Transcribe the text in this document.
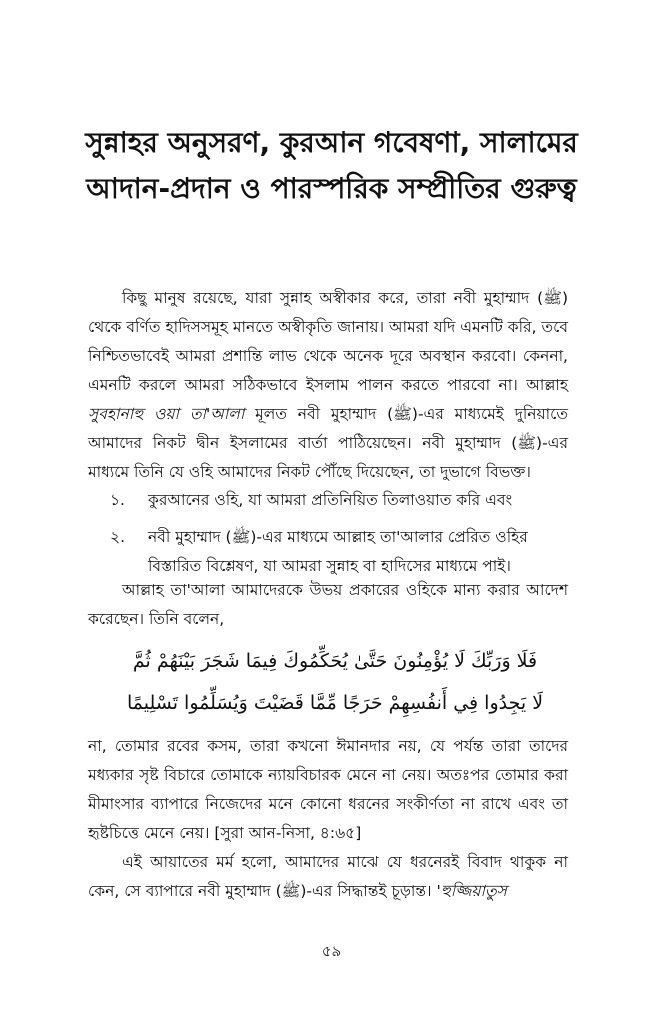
সুন্নাহর অনুসরণ, কুরআন গবেষণা, সালামের
আদান-প্রদান ও পারস্পরিক সম্প্রীতির গুরুত্ব
কিছু মানুষ রয়েছে, যারা সুন্নাহ অস্বীকার করে, তারা নবী মুহাম্মাদ (ﷺ) থেকে বর্ণিত হাদিসসমূহ মানতে অস্বীকৃতি জানায়। আমরা যদি এমনটি করি, তবে নিশ্চিতভাবেই আমরা প্রশান্তি লাভ থেকে অনেক দূরে অবস্থান করবো। কেননা, এমনটি করলে আমরা সঠিকভাবে ইসলাম পালন করতে পারবো না। আল্লাহ সুবহানাহু ওয়া তা'আলা মূলত নবী মুহাম্মাদ (ﷺ)-এর মাধ্যমেই দুনিয়াতে আমাদের নিকট দ্বীন ইসলামের বার্তা পাঠিয়েছেন। নবী মুহাম্মাদ (ﷺ)-এর মাধ্যমে তিনি যে ওহি আমাদের নিকট পৌঁছে দিয়েছেন, তা দুভাগে বিভক্ত।
১.	কুরআনের ওহি, যা আমরা প্রতিনিয়িত তিলাওয়াত করি এবং
২.	নবী মুহাম্মাদ (ﷺ)-এর মাধ্যমে আল্লাহ তা'আলার প্রেরিত ওহির বিস্তারিত বিশ্লেষণ, যা আমরা সুন্নাহ বা হাদিসের মাধ্যমে পাই।
আল্লাহ তা'আলা আমাদেরকে উভয় প্রকারের ওহিকে মান্য করার আদেশ করেছেন। তিনি বলেন,
فَلَا وَرَبِّكَ لَا يُؤْمِنُونَ حَتَّىٰ يُحَكِّمُوكَ فِيمَا شَجَرَ بَيْنَهُمْ ثُمَّ
لَا يَجِدُوا فِي أَنفُسِهِمْ حَرَجًا مِّمَّا قَضَيْتَ وَيُسَلِّمُوا تَسْلِيمًا
না, তোমার রবের কসম, তারা কখনো ঈমানদার নয়, যে পর্যন্ত তারা তাদের মধ্যকার সৃষ্ট বিচারে তোমাকে ন্যায়বিচারক মেনে না নেয়। অতঃপর তোমার করা মীমাংসার ব্যাপারে নিজেদের মনে কোনো ধরনের সংকীর্ণতা না রাখে এবং তা হৃষ্টচিত্তে মেনে নেয়। [সুরা আন-নিসা, ৪:৬৫]
এই আয়াতের মর্ম হলো, আমাদের মাঝে যে ধরনেরই বিবাদ থাকুক না কেন, সে ব্যাপারে নবী মুহাম্মাদ (ﷺ)-এর সিদ্ধান্তই চূড়ান্ত। 'হুজ্জিয়াতুস
৫৯
